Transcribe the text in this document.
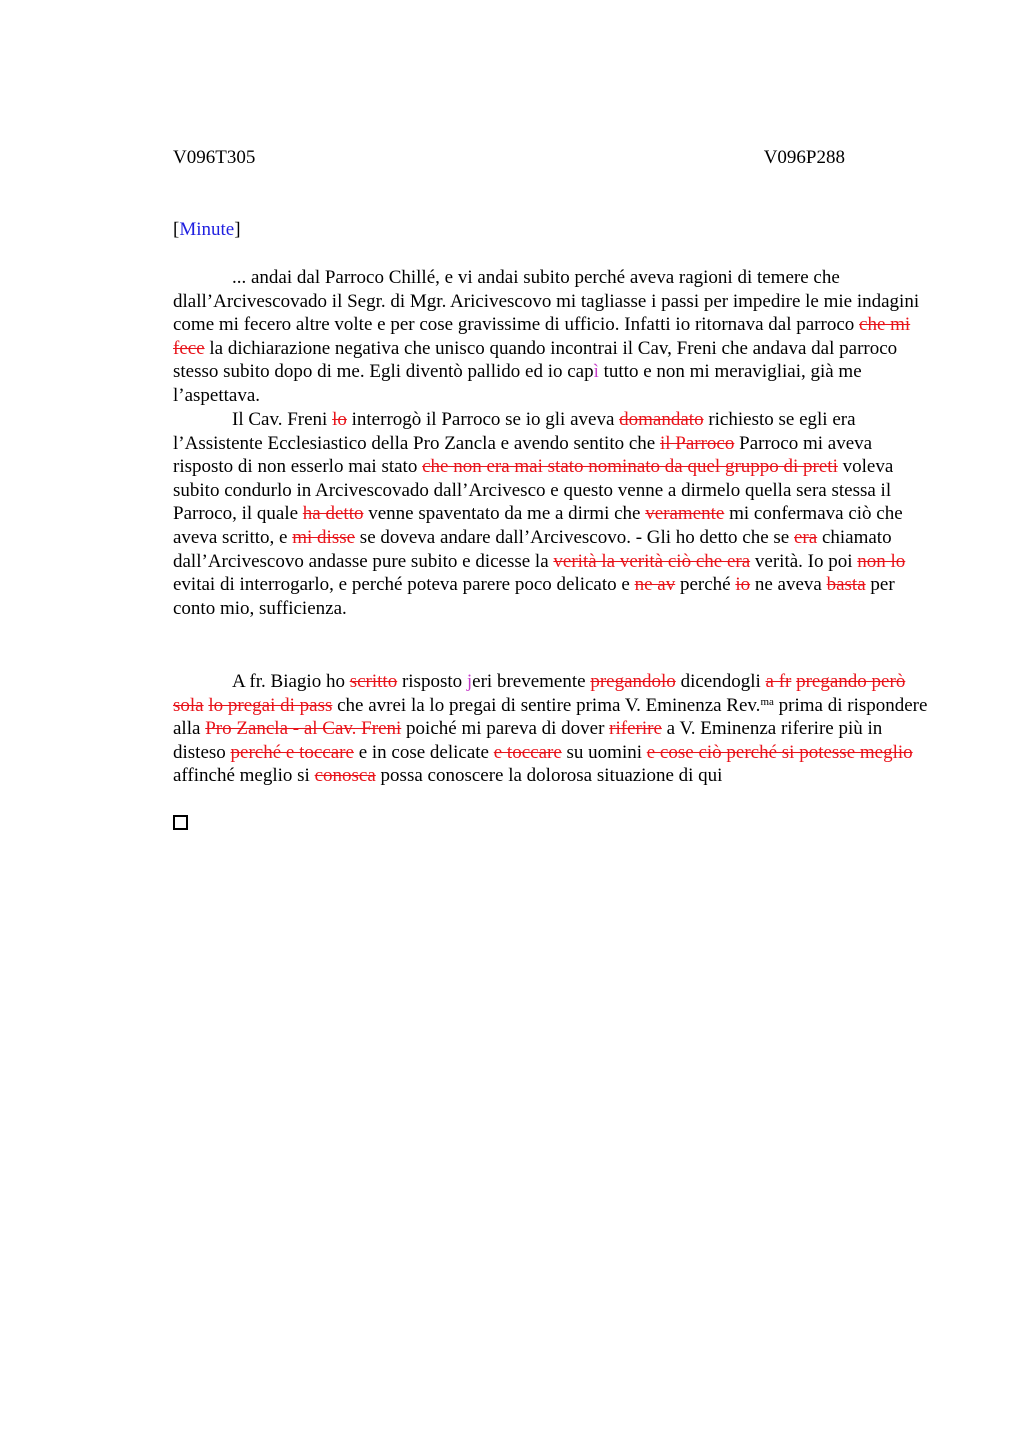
V096T305	V096P288
[Minute]

... andai dal Parroco Chillé, e vi andai subito perché aveva ragioni di temere che dlall’Arcivescovado il Segr. di Mgr. Aricivescovo mi tagliasse i passi per impedire le mie indagini come mi fecero altre volte e per cose gravissime di ufficio. Infatti io ritornava dal parroco che mi fece la dichiarazione negativa che unisco quando incontrai il Cav, Freni che andava dal parroco stesso subito dopo di me. Egli diventò pallido ed io capì tutto e non mi meravigliai, già me l’aspettava.

Il Cav. Freni lo interrogò il Parroco se io gli aveva domandato richiesto se egli era l’Assistente Ecclesiastico della Pro Zancla e avendo sentito che il Parroco Parroco mi aveva risposto di non esserlo mai stato che non era mai stato nominato da quel gruppo di preti voleva subito condurlo in Arcivescovado dall’Arcivesco e questo venne a dirmelo quella sera stessa il Parroco, il quale ha detto venne spaventato da me a dirmi che veramente mi confermava ciò che aveva scritto, e mi disse se doveva andare dall’Arcivescovo. - Gli ho detto che se era chiamato dall’Arcivescovo andasse pure subito e dicesse la verità la verità ciò che era verità. Io poi non lo evitai di interrogarlo, e perché poteva parere poco delicato e ne av perché io ne aveva basta per conto mio, sufficienza.

A fr. Biagio ho scritto risposto jeri brevemente pregandolo dicendogli a fr pregando però sola lo pregai di pass che avrei la lo pregai di sentire prima V. Eminenza Rev.$^{ma}$ prima di rispondere alla Pro Zancla - al Cav. Freni poiché mi pareva di dover riferire a V. Eminenza riferire più in disteso perché e toccare e in cose delicate e toccare su uomini e cose ciò perché si potesse meglio affinché meglio si conosca possa conoscere la dolorosa situazione di qui
